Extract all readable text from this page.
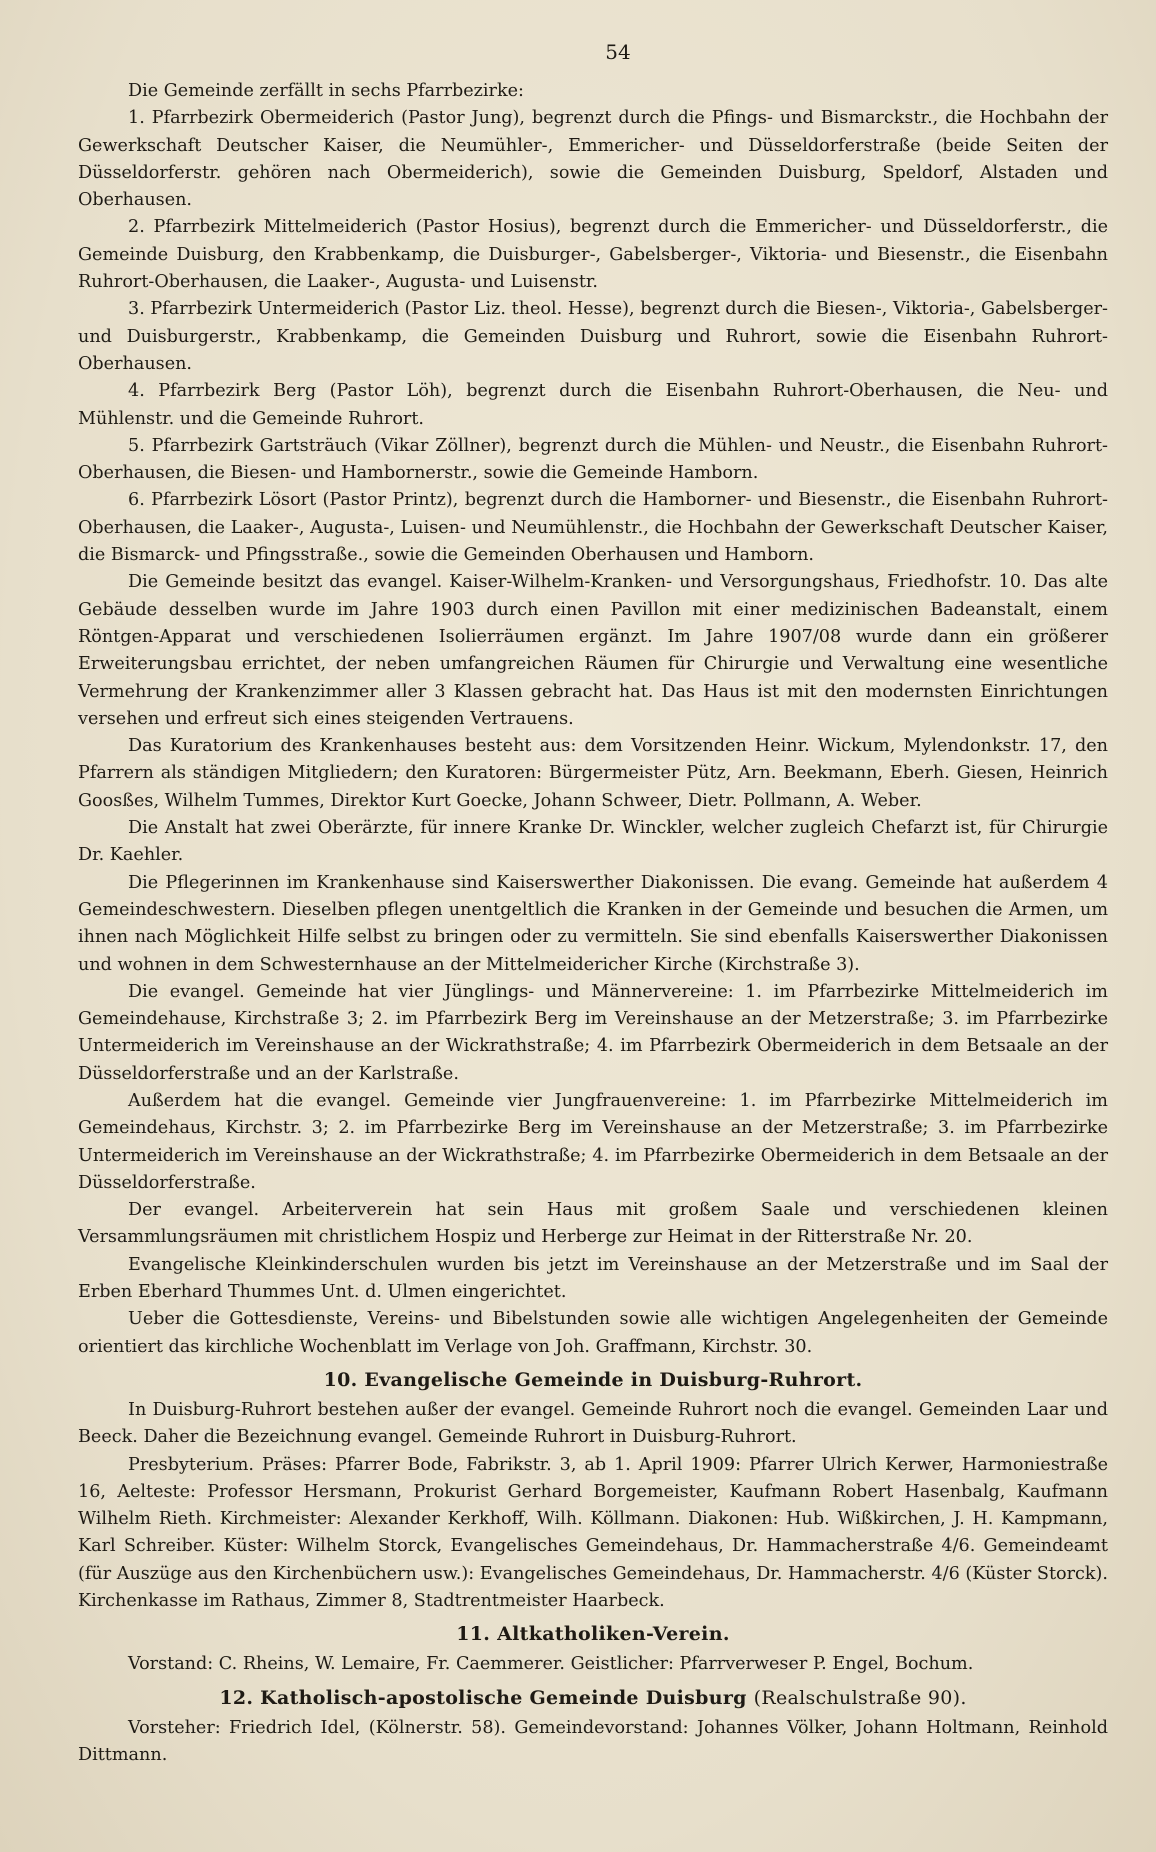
54

Die Gemeinde zerfällt in sechs Pfarrbezirke:

1. Pfarrbezirk Obermeiderich (Pastor Jung), begrenzt durch die Pfings- und Bismarckstr., die Hochbahn der Gewerkschaft Deutscher Kaiser, die Neumühler-, Emmericher- und Düsseldorferstraße (beide Seiten der Düsseldorferstr. gehören nach Obermeiderich), sowie die Gemeinden Duisburg, Speldorf, Alstaden und Oberhausen.

2. Pfarrbezirk Mittelmeiderich (Pastor Hosius), begrenzt durch die Emmericher- und Düsseldorferstr., die Gemeinde Duisburg, den Krabbenkamp, die Duisburger-, Gabelsberger-, Viktoria- und Biesenstr., die Eisenbahn Ruhrort-Oberhausen, die Laaker-, Augusta- und Luisenstr.

3. Pfarrbezirk Untermeiderich (Pastor Liz. theol. Hesse), begrenzt durch die Biesen-, Viktoria-, Gabelsberger- und Duisburgerstr., Krabbenkamp, die Gemeinden Duisburg und Ruhrort, sowie die Eisenbahn Ruhrort-Oberhausen.

4. Pfarrbezirk Berg (Pastor Löh), begrenzt durch die Eisenbahn Ruhrort-Oberhausen, die Neu- und Mühlenstr. und die Gemeinde Ruhrort.

5. Pfarrbezirk Gartsträuch (Vikar Zöllner), begrenzt durch die Mühlen- und Neustr., die Eisenbahn Ruhrort-Oberhausen, die Biesen- und Hambornerstr., sowie die Gemeinde Hamborn.

6. Pfarrbezirk Lösort (Pastor Printz), begrenzt durch die Hamborner- und Biesenstr., die Eisenbahn Ruhrort-Oberhausen, die Laaker-, Augusta-, Luisen- und Neumühlenstr., die Hochbahn der Gewerkschaft Deutscher Kaiser, die Bismarck- und Pfingsstraße., sowie die Gemeinden Oberhausen und Hamborn.

Die Gemeinde besitzt das evangel. Kaiser-Wilhelm-Kranken- und Versorgungshaus, Friedhofstr. 10. Das alte Gebäude desselben wurde im Jahre 1903 durch einen Pavillon mit einer medizinischen Badeanstalt, einem Röntgen-Apparat und verschiedenen Isolierräumen ergänzt. Im Jahre 1907/08 wurde dann ein größerer Erweiterungsbau errichtet, der neben umfangreichen Räumen für Chirurgie und Verwaltung eine wesentliche Vermehrung der Krankenzimmer aller 3 Klassen gebracht hat. Das Haus ist mit den modernsten Einrichtungen versehen und erfreut sich eines steigenden Vertrauens.

Das Kuratorium des Krankenhauses besteht aus: dem Vorsitzenden Heinr. Wickum, Mylendonkstr. 17, den Pfarrern als ständigen Mitgliedern; den Kuratoren: Bürgermeister Pütz, Arn. Beekmann, Eberh. Giesen, Heinrich Goosßes, Wilhelm Tummes, Direktor Kurt Goecke, Johann Schweer, Dietr. Pollmann, A. Weber.

Die Anstalt hat zwei Oberärzte, für innere Kranke Dr. Winckler, welcher zugleich Chefarzt ist, für Chirurgie Dr. Kaehler.

Die Pflegerinnen im Krankenhause sind Kaiserswerther Diakonissen. Die evang. Gemeinde hat außerdem 4 Gemeindeschwestern. Dieselben pflegen unentgeltlich die Kranken in der Gemeinde und besuchen die Armen, um ihnen nach Möglichkeit Hilfe selbst zu bringen oder zu vermitteln. Sie sind ebenfalls Kaiserswerther Diakonissen und wohnen in dem Schwesternhause an der Mittelmeidericher Kirche (Kirchstraße 3).

Die evangel. Gemeinde hat vier Jünglings- und Männervereine: 1. im Pfarrbezirke Mittelmeiderich im Gemeindehause, Kirchstraße 3; 2. im Pfarrbezirk Berg im Vereinshause an der Metzerstraße; 3. im Pfarrbezirke Untermeiderich im Vereinshause an der Wickrathstraße; 4. im Pfarrbezirk Obermeiderich in dem Betsaale an der Düsseldorferstraße und an der Karlstraße.

Außerdem hat die evangel. Gemeinde vier Jungfrauenvereine: 1. im Pfarrbezirke Mittelmeiderich im Gemeindehaus, Kirchstr. 3; 2. im Pfarrbezirke Berg im Vereinshause an der Metzerstraße; 3. im Pfarrbezirke Untermeiderich im Vereinshause an der Wickrathstraße; 4. im Pfarrbezirke Obermeiderich in dem Betsaale an der Düsseldorferstraße.

Der evangel. Arbeiterverein hat sein Haus mit großem Saale und verschiedenen kleinen Versammlungsräumen mit christlichem Hospiz und Herberge zur Heimat in der Ritterstraße Nr. 20.

Evangelische Kleinkinderschulen wurden bis jetzt im Vereinshause an der Metzerstraße und im Saal der Erben Eberhard Thummes Unt. d. Ulmen eingerichtet.

Ueber die Gottesdienste, Vereins- und Bibelstunden sowie alle wichtigen Angelegenheiten der Gemeinde orientiert das kirchliche Wochenblatt im Verlage von Joh. Graffmann, Kirchstr. 30.

10. Evangelische Gemeinde in Duisburg-Ruhrort.

In Duisburg-Ruhrort bestehen außer der evangel. Gemeinde Ruhrort noch die evangel. Gemeinden Laar und Beeck. Daher die Bezeichnung evangel. Gemeinde Ruhrort in Duisburg-Ruhrort.

Presbyterium. Präses: Pfarrer Bode, Fabrikstr. 3, ab 1. April 1909: Pfarrer Ulrich Kerwer, Harmoniestraße 16, Aelteste: Professor Hersmann, Prokurist Gerhard Borgemeister, Kaufmann Robert Hasenbalg, Kaufmann Wilhelm Rieth. Kirchmeister: Alexander Kerkhoff, Wilh. Köllmann. Diakonen: Hub. Wißkirchen, J. H. Kampmann, Karl Schreiber. Küster: Wilhelm Storck, Evangelisches Gemeindehaus, Dr. Hammacherstraße 4/6. Gemeindeamt (für Auszüge aus den Kirchenbüchern usw.): Evangelisches Gemeindehaus, Dr. Hammacherstr. 4/6 (Küster Storck). Kirchenkasse im Rathaus, Zimmer 8, Stadtrentmeister Haarbeck.

11. Altkatholiken-Verein.

Vorstand: C. Rheins, W. Lemaire, Fr. Caemmerer. Geistlicher: Pfarrverweser P. Engel, Bochum.

12. Katholisch-apostolische Gemeinde Duisburg (Realschulstraße 90).

Vorsteher: Friedrich Idel, (Kölnerstr. 58). Gemeindevorstand: Johannes Völker, Johann Holtmann, Reinhold Dittmann.
